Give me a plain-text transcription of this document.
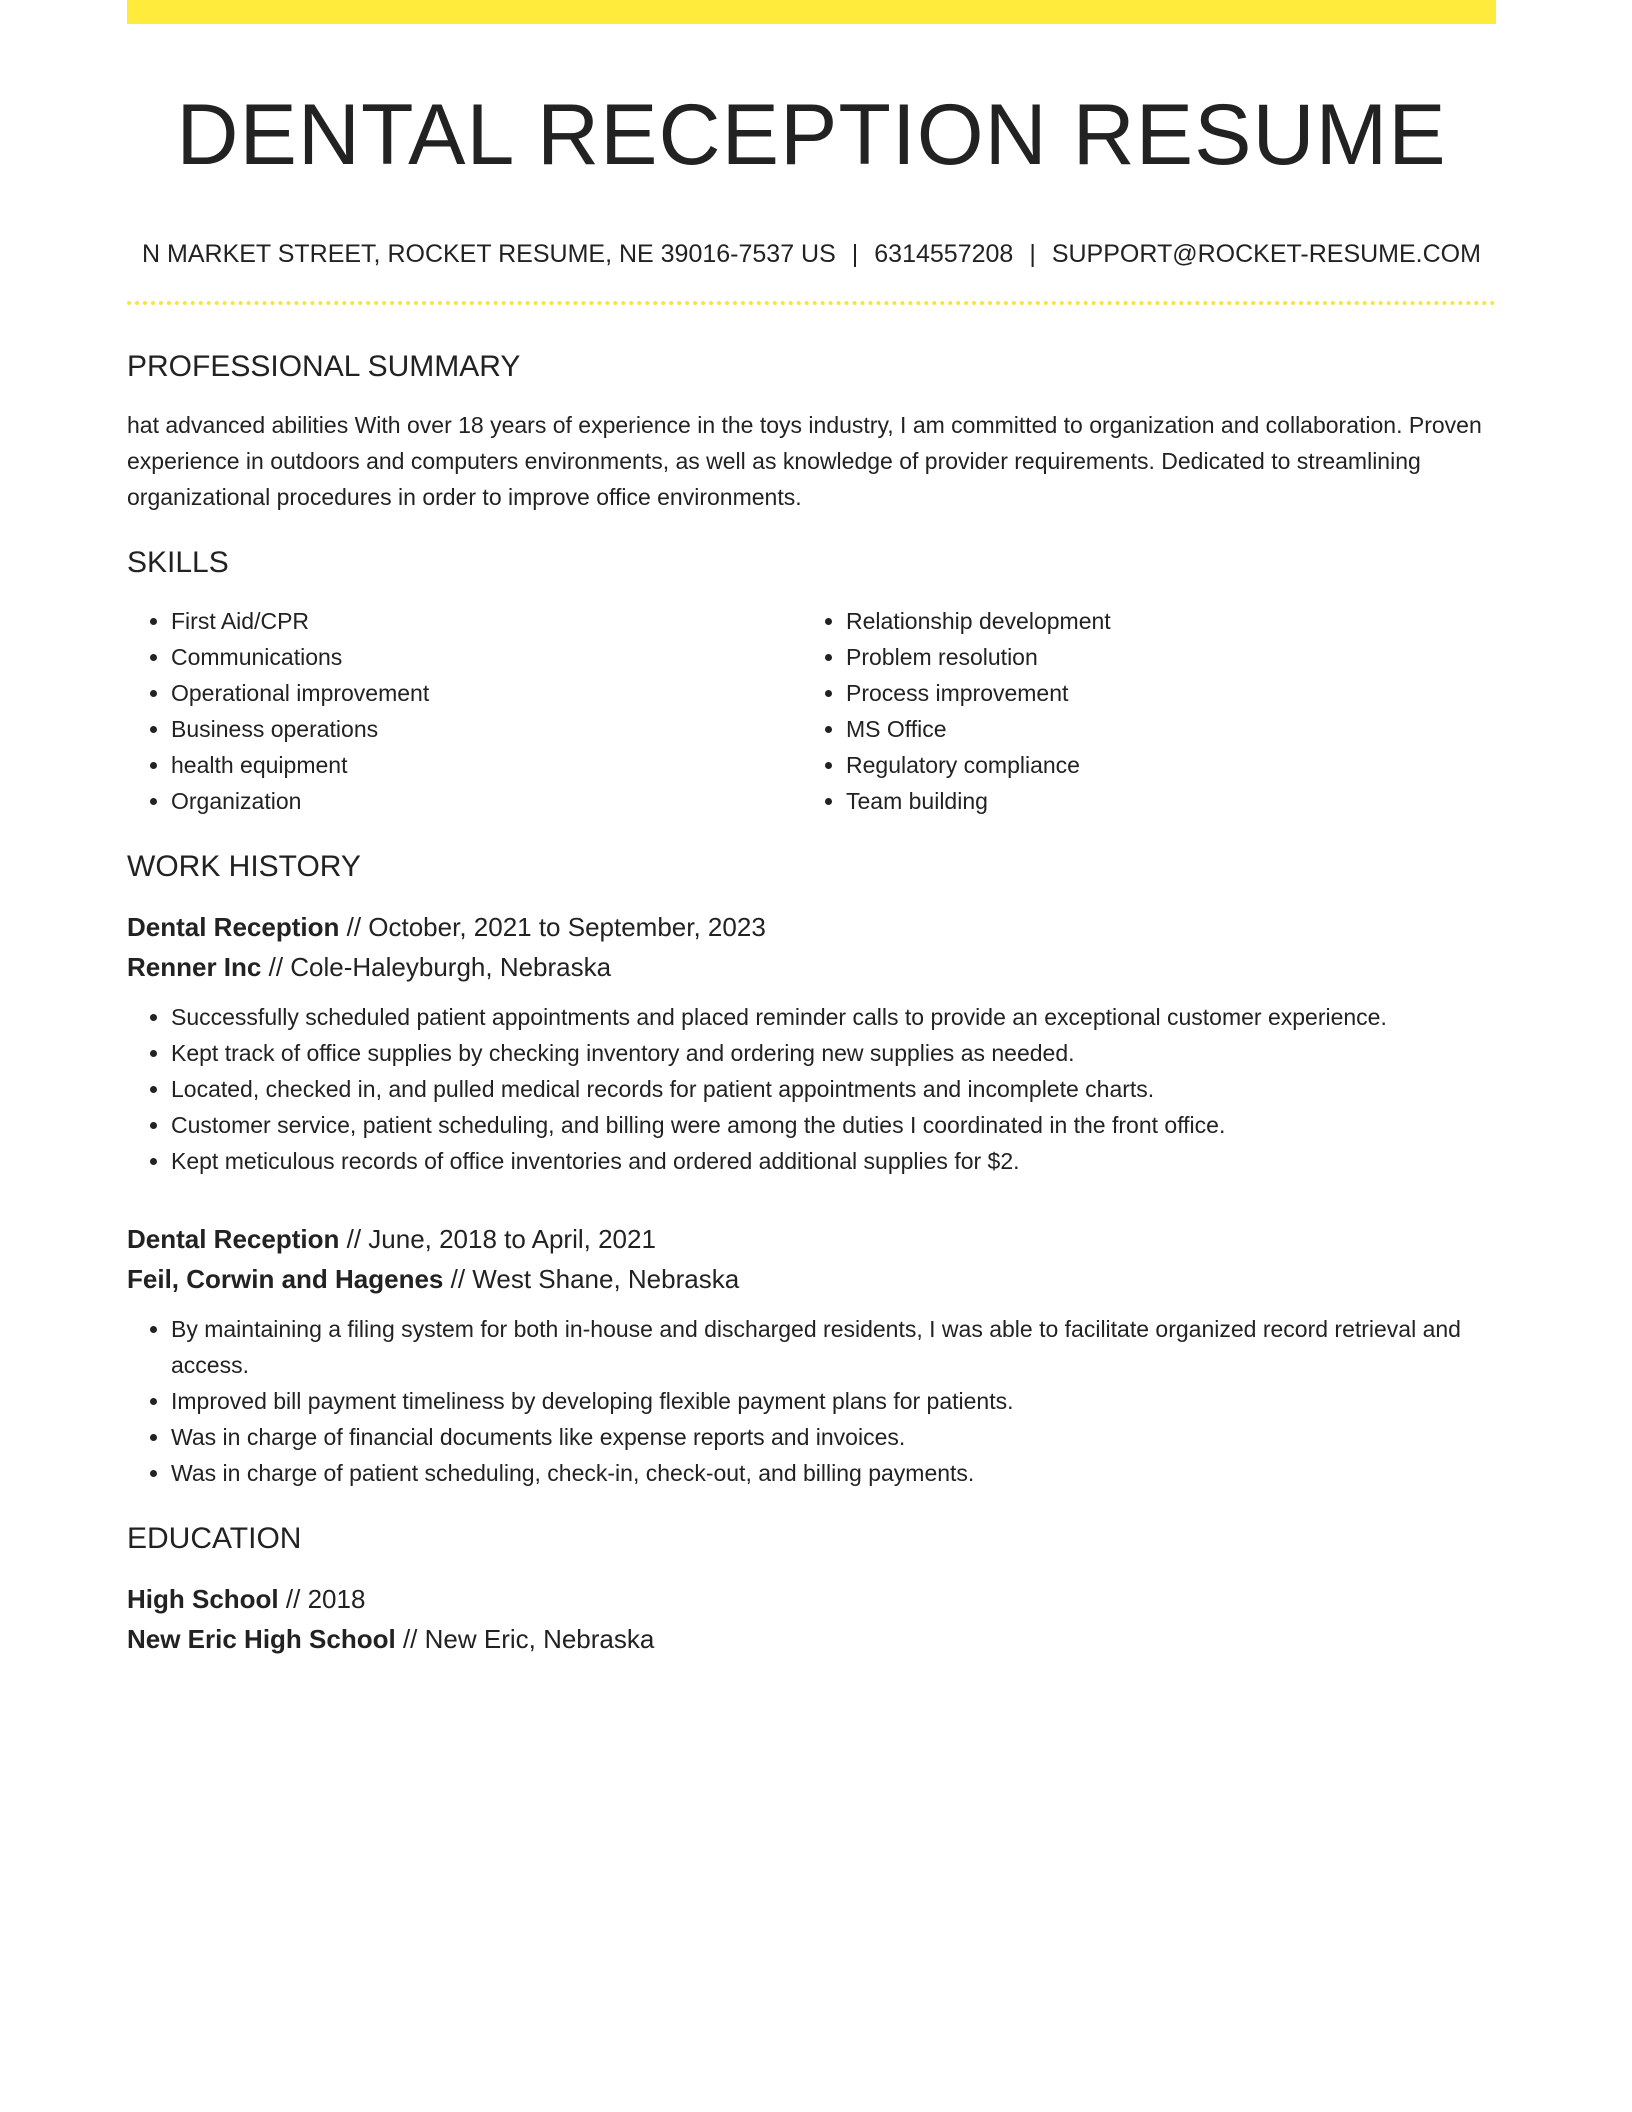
DENTAL RECEPTION RESUME
N MARKET STREET, ROCKET RESUME, NE 39016-7537 US | 6314557208 | SUPPORT@ROCKET-RESUME.COM
PROFESSIONAL SUMMARY
hat advanced abilities With over 18 years of experience in the toys industry, I am committed to organization and collaboration. Proven experience in outdoors and computers environments, as well as knowledge of provider requirements. Dedicated to streamlining organizational procedures in order to improve office environments.
SKILLS
• First Aid/CPR
• Communications
• Operational improvement
• Business operations
• health equipment
• Organization
• Relationship development
• Problem resolution
• Process improvement
• MS Office
• Regulatory compliance
• Team building
WORK HISTORY
Dental Reception // October, 2021 to September, 2023
Renner Inc // Cole-Haleyburgh, Nebraska
• Successfully scheduled patient appointments and placed reminder calls to provide an exceptional customer experience.
• Kept track of office supplies by checking inventory and ordering new supplies as needed.
• Located, checked in, and pulled medical records for patient appointments and incomplete charts.
• Customer service, patient scheduling, and billing were among the duties I coordinated in the front office.
• Kept meticulous records of office inventories and ordered additional supplies for $2.
Dental Reception // June, 2018 to April, 2021
Feil, Corwin and Hagenes // West Shane, Nebraska
• By maintaining a filing system for both in-house and discharged residents, I was able to facilitate organized record retrieval and access.
• Improved bill payment timeliness by developing flexible payment plans for patients.
• Was in charge of financial documents like expense reports and invoices.
• Was in charge of patient scheduling, check-in, check-out, and billing payments.
EDUCATION
High School // 2018
New Eric High School // New Eric, Nebraska
